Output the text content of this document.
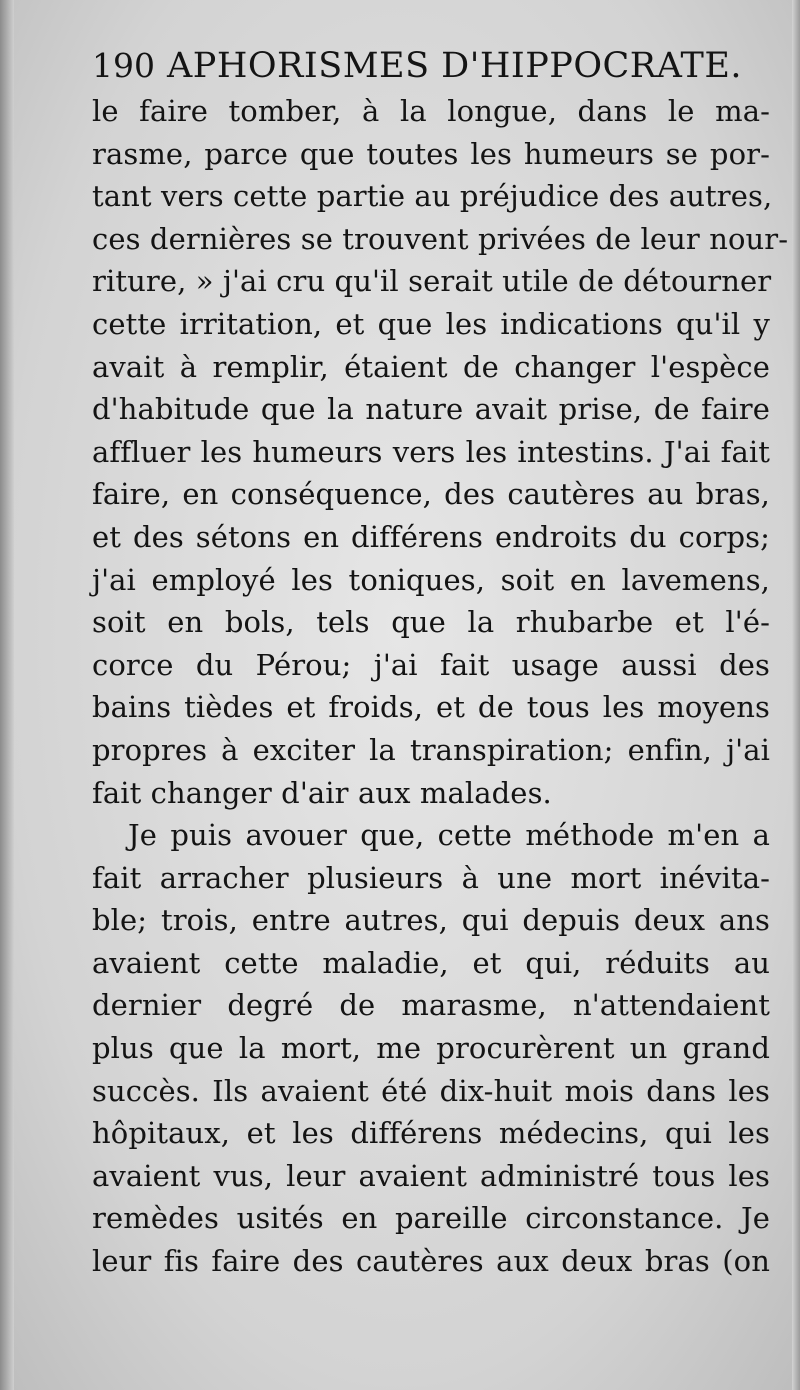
190 APHORISMES D'HIPPOCRATE.
le faire tomber, à la longue, dans le ma-
rasme, parce que toutes les humeurs se por-
tant vers cette partie au préjudice des autres,
ces dernières se trouvent privées de leur nour-
riture, » j'ai cru qu'il serait utile de détourner
cette irritation, et que les indications qu'il y
avait à remplir, étaient de changer l'espèce
d'habitude que la nature avait prise, de faire
affluer les humeurs vers les intestins. J'ai fait
faire, en conséquence, des cautères au bras,
et des sétons en différens endroits du corps;
j'ai employé les toniques, soit en lavemens,
soit en bols, tels que la rhubarbe et l'é-
corce du Pérou; j'ai fait usage aussi des
bains tièdes et froids, et de tous les moyens
propres à exciter la transpiration; enfin, j'ai
fait changer d'air aux malades.
Je puis avouer que, cette méthode m'en a
fait arracher plusieurs à une mort inévita-
ble; trois, entre autres, qui depuis deux ans
avaient cette maladie, et qui, réduits au
dernier degré de marasme, n'attendaient
plus que la mort, me procurèrent un grand
succès. Ils avaient été dix-huit mois dans les
hôpitaux, et les différens médecins, qui les
avaient vus, leur avaient administré tous les
remèdes usités en pareille circonstance. Je
leur fis faire des cautères aux deux bras (on
